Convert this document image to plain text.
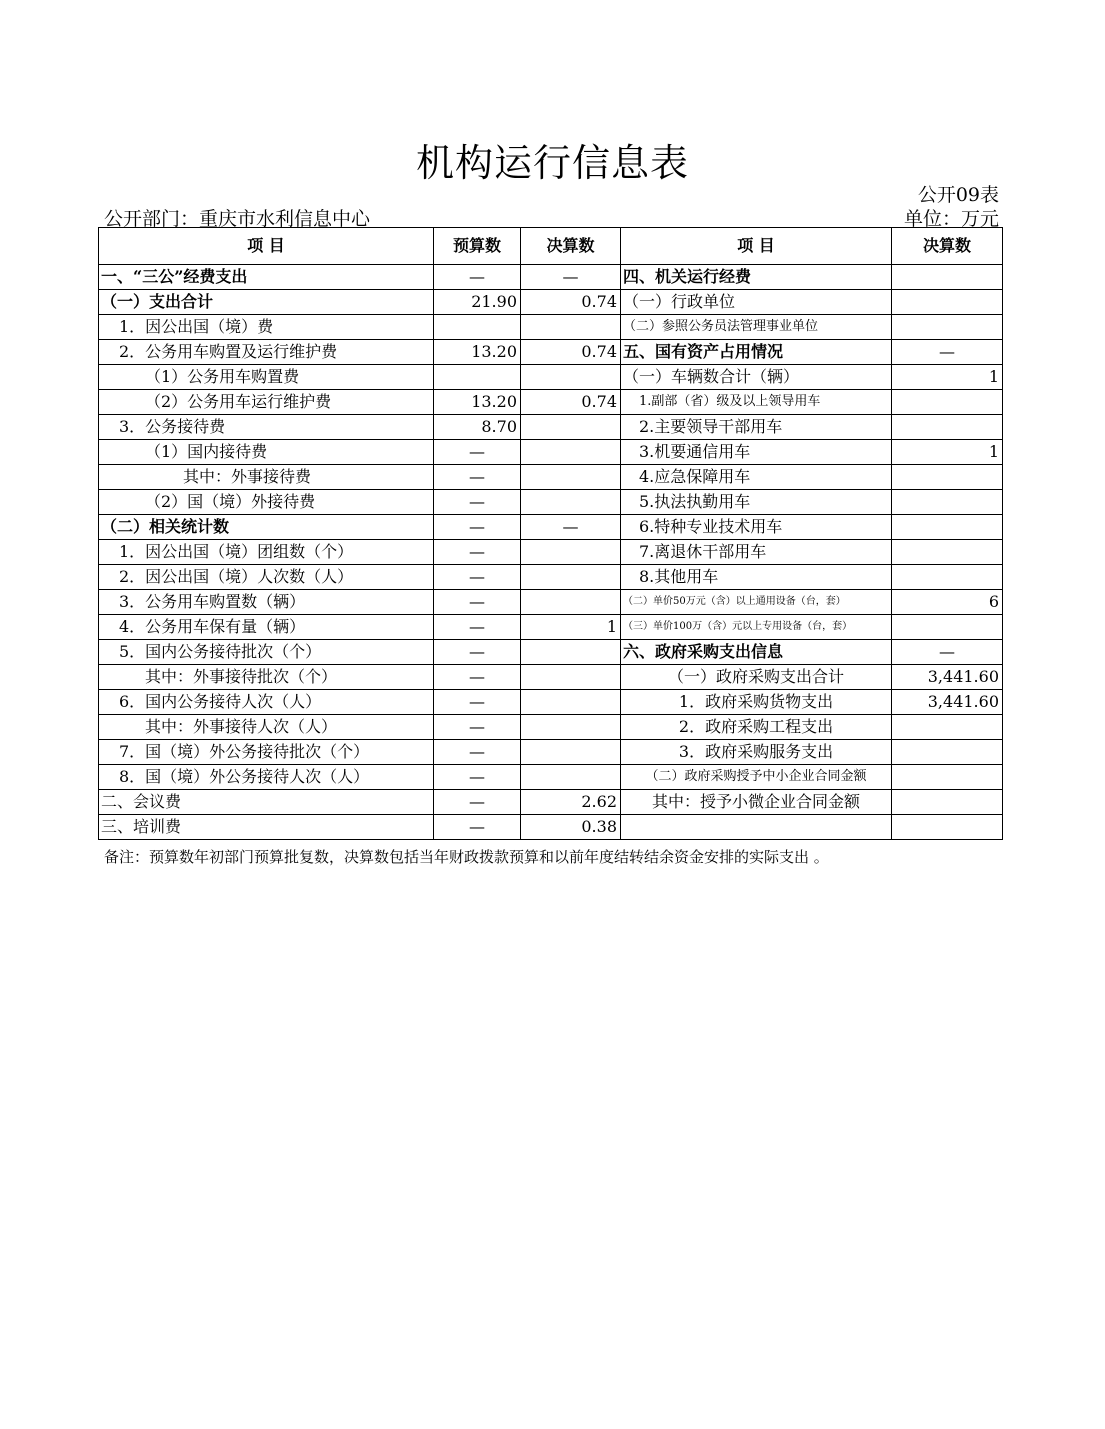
机构运行信息表
公开09表
公开部门：重庆市水利信息中心	单位：万元
项 目	预算数	决算数	项 目	决算数
一、“三公”经费支出	—	—	四、机关运行经费	
（一）支出合计	21.90	0.74	（一）行政单位	
1．因公出国（境）费			（二）参照公务员法管理事业单位	
2．公务用车购置及运行维护费	13.20	0.74	五、国有资产占用情况	—
（1）公务用车购置费			（一）车辆数合计（辆）	1
（2）公务用车运行维护费	13.20	0.74	1.副部（省）级及以上领导用车	
3．公务接待费	8.70		2.主要领导干部用车	
（1）国内接待费	—		3.机要通信用车	1
其中：外事接待费	—		4.应急保障用车	
（2）国（境）外接待费	—		5.执法执勤用车	
（二）相关统计数	—	—	6.特种专业技术用车	
1．因公出国（境）团组数（个）	—		7.离退休干部用车	
2．因公出国（境）人次数（人）	—		8.其他用车	
3．公务用车购置数（辆）	—		（二）单价50万元（含）以上通用设备（台，套）	6
4．公务用车保有量（辆）	—	1	（三）单价100万（含）元以上专用设备（台，套）	
5．国内公务接待批次（个）	—		六、政府采购支出信息	—
其中：外事接待批次（个）	—		（一）政府采购支出合计	3,441.60
6．国内公务接待人次（人）	—		1．政府采购货物支出	3,441.60
其中：外事接待人次（人）	—		2．政府采购工程支出	
7．国（境）外公务接待批次（个）	—		3．政府采购服务支出	
8．国（境）外公务接待人次（人）	—		（二）政府采购授予中小企业合同金额	
二、会议费	—	2.62	其中：授予小微企业合同金额	
三、培训费	—	0.38		
备注：预算数年初部门预算批复数，决算数包括当年财政拨款预算和以前年度结转结余资金安排的实际支出 。
